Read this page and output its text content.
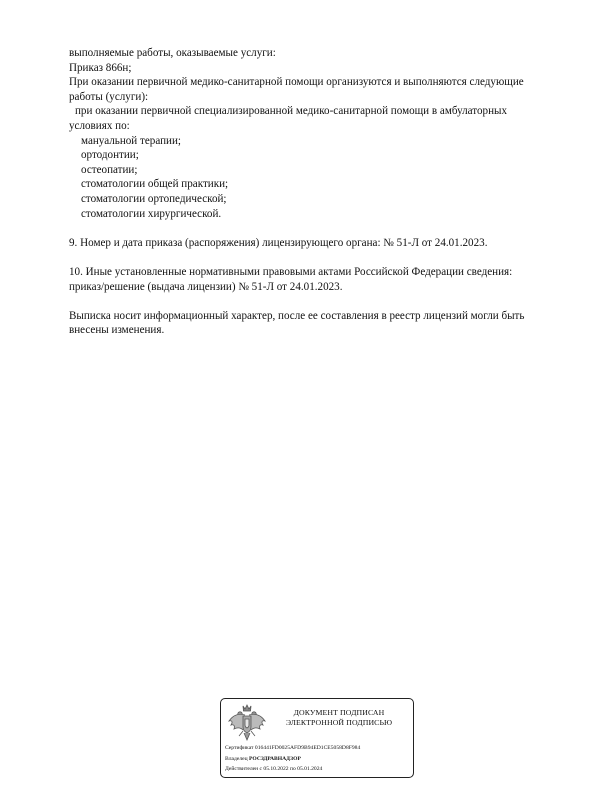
выполняемые работы, оказываемые услуги:
Приказ 866н;
При оказании первичной медико-санитарной помощи организуются и выполняются следующие
работы (услуги):
при оказании первичной специализированной медико-санитарной помощи в амбулаторных
условиях по:
мануальной терапии;
ортодонтии;
остеопатии;
стоматологии общей практики;
стоматологии ортопедической;
стоматологии хирургической.
9. Номер и дата приказа (распоряжения) лицензирующего органа: № 51-Л от 24.01.2023.
10. Иные установленные нормативными правовыми актами Российской Федерации сведения:
приказ/решение (выдача лицензии) № 51-Л от 24.01.2023.
Выписка носит информационный характер, после ее составления в реестр лицензий могли быть
внесены изменения.
ДОКУМЕНТ ПОДПИСАН
ЭЛЕКТРОННОЙ ПОДПИСЬЮ
Сертификат 016441FD0025AFD9B94ED1CE5058D8F984
Владелец РОСЗДРАВНАДЗОР
Действителен с 05.10.2022 по 05.01.2024
